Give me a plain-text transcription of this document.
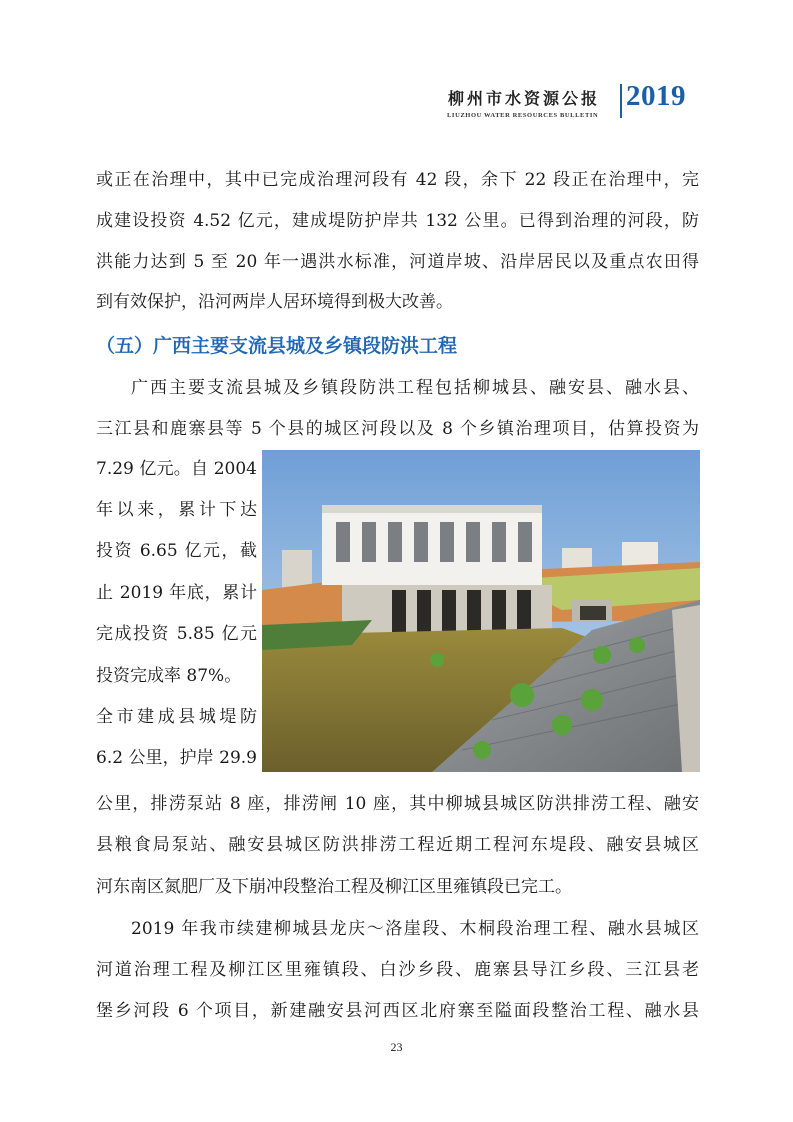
柳州市水资源公报
LIUZHOU WATER RESOURCES BULLETIN
2019
或正在治理中，其中已完成治理河段有 42 段，余下 22 段正在治理中，完
成建设投资 4.52 亿元，建成堤防护岸共 132 公里。已得到治理的河段，防
洪能力达到 5 至 20 年一遇洪水标准，河道岸坡、沿岸居民以及重点农田得
到有效保护，沿河两岸人居环境得到极大改善。
（五）广西主要支流县城及乡镇段防洪工程
广西主要支流县城及乡镇段防洪工程包括柳城县、融安县、融水县、
三江县和鹿寨县等 5 个县的城区河段以及 8 个乡镇治理项目，估算投资为
7.29 亿元。自 2004
年以来，累计下达
投资 6.65 亿元，截
止 2019 年底，累计
完成投资 5.85 亿元
投资完成率 87%。
全市建成县城堤防
6.2 公里，护岸 29.9
公里，排涝泵站 8 座，排涝闸 10 座，其中柳城县城区防洪排涝工程、融安
县粮食局泵站、融安县城区防洪排涝工程近期工程河东堤段、融安县城区
河东南区氮肥厂及下崩冲段整治工程及柳江区里雍镇段已完工。
2019 年我市续建柳城县龙庆～洛崖段、木桐段治理工程、融水县城区
河道治理工程及柳江区里雍镇段、白沙乡段、鹿寨县导江乡段、三江县老
堡乡河段 6 个项目，新建融安县河西区北府寨至隘面段整治工程、融水县
23
